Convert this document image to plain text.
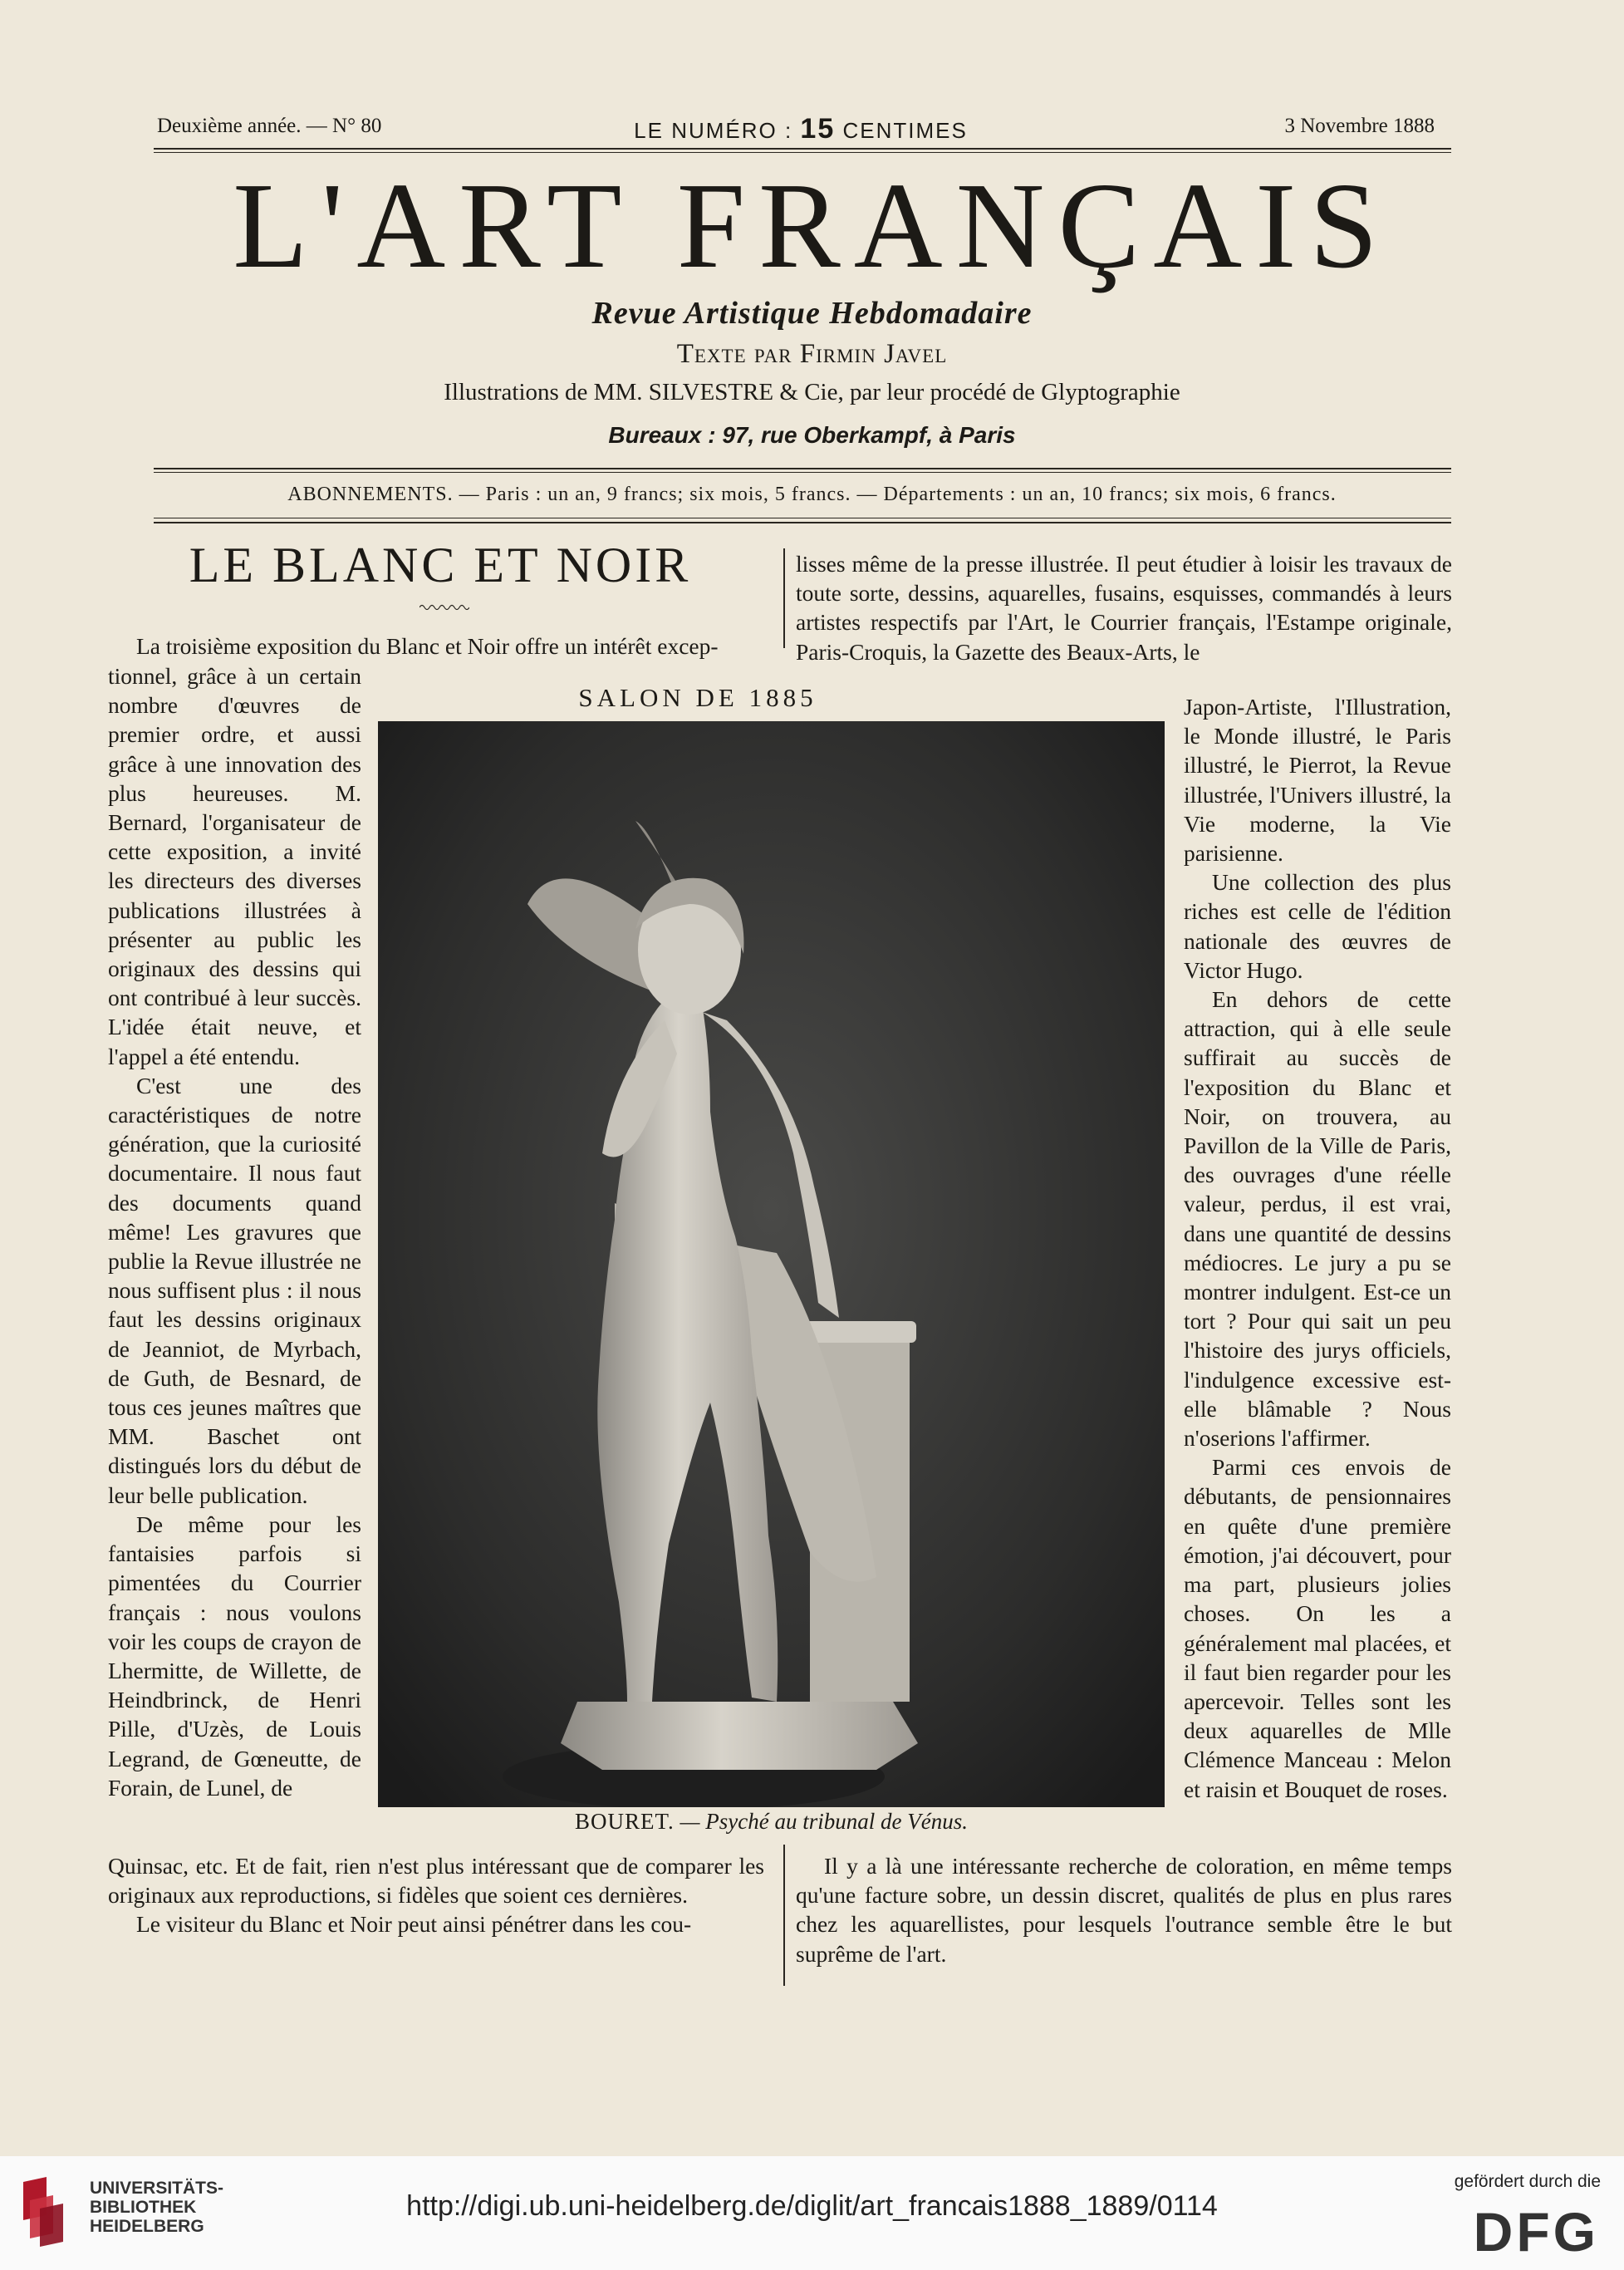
Deuxième année. — N° 80	LE NUMÉRO : 15 CENTIMES	3 Novembre 1888
L'ART FRANÇAIS
Revue Artistique Hebdomadaire
Texte par Firmin Javel
Illustrations de MM. SILVESTRE & Cie, par leur procédé de Glyptographie
Bureaux : 97, rue Oberkampf, à Paris
ABONNEMENTS. — Paris : un an, 9 francs; six mois, 5 francs. — Départements : un an, 10 francs; six mois, 6 francs.
LE BLANC ET NOIR

La troisième exposition du Blanc et Noir offre un intérêt excep-

tionnel, grâce à un certain nombre d'œuvres de premier ordre, et aussi grâce à une innovation des plus heureuses. M. Bernard, l'organisateur de cette exposition, a invité les directeurs des diverses publications illustrées à présenter au public les originaux des dessins qui ont contribué à leur succès. L'idée était neuve, et l'appel a été entendu.

C'est une des caractéristiques de notre génération, que la curiosité documentaire. Il nous faut des documents quand même! Les gravures que publie la Revue illustrée ne nous suffisent plus : il nous faut les dessins originaux de Jeanniot, de Myrbach, de Guth, de Besnard, de tous ces jeunes maîtres que MM. Baschet ont distingués lors du début de leur belle publication.

De même pour les fantaisies parfois si pimentées du Courrier français : nous voulons voir les coups de crayon de Lhermitte, de Willette, de Heindbrinck, de Henri Pille, d'Uzès, de Louis Legrand, de Gœneutte, de Forain, de Lunel, de

Quinsac, etc. Et de fait, rien n'est plus intéressant que de comparer les originaux aux reproductions, si fidèles que soient ces dernières.

Le visiteur du Blanc et Noir peut ainsi pénétrer dans les cou-

lisses même de la presse illustrée. Il peut étudier à loisir les travaux de toute sorte, dessins, aquarelles, fusains, esquisses, commandés à leurs artistes respectifs par l'Art, le Courrier français, l'Estampe originale, Paris-Croquis, la Gazette des Beaux-Arts, le

Japon-Artiste, l'Illustration, le Monde illustré, le Paris illustré, le Pierrot, la Revue illustrée, l'Univers illustré, la Vie moderne, la Vie parisienne.

Une collection des plus riches est celle de l'édition nationale des œuvres de Victor Hugo.

En dehors de cette attraction, qui à elle seule suffirait au succès de l'exposition du Blanc et Noir, on trouvera, au Pavillon de la Ville de Paris, des ouvrages d'une réelle valeur, perdus, il est vrai, dans une quantité de dessins médiocres. Le jury a pu se montrer indulgent. Est-ce un tort ? Pour qui sait un peu l'histoire des jurys officiels, l'indulgence excessive est-elle blâmable ? Nous n'oserions l'affirmer.

Parmi ces envois de débutants, de pensionnaires en quête d'une première émotion, j'ai découvert, pour ma part, plusieurs jolies choses. On les a généralement mal placées, et il faut bien regarder pour les apercevoir. Telles sont les deux aquarelles de Mlle Clémence Manceau : Melon et raisin et Bouquet de roses.

Il y a là une intéressante recherche de coloration, en même temps qu'une facture sobre, un dessin discret, qualités de plus en plus rares chez les aquarellistes, pour lesquels l'outrance semble être le but suprême de l'art.

SALON DE 1885
BOURET. — Psyché au tribunal de Vénus.
UNIVERSITÄTS-
BIBLIOTHEK
HEIDELBERG
http://digi.ub.uni-heidelberg.de/diglit/art_francais1888_1889/0114
gefördert durch die
DFG
